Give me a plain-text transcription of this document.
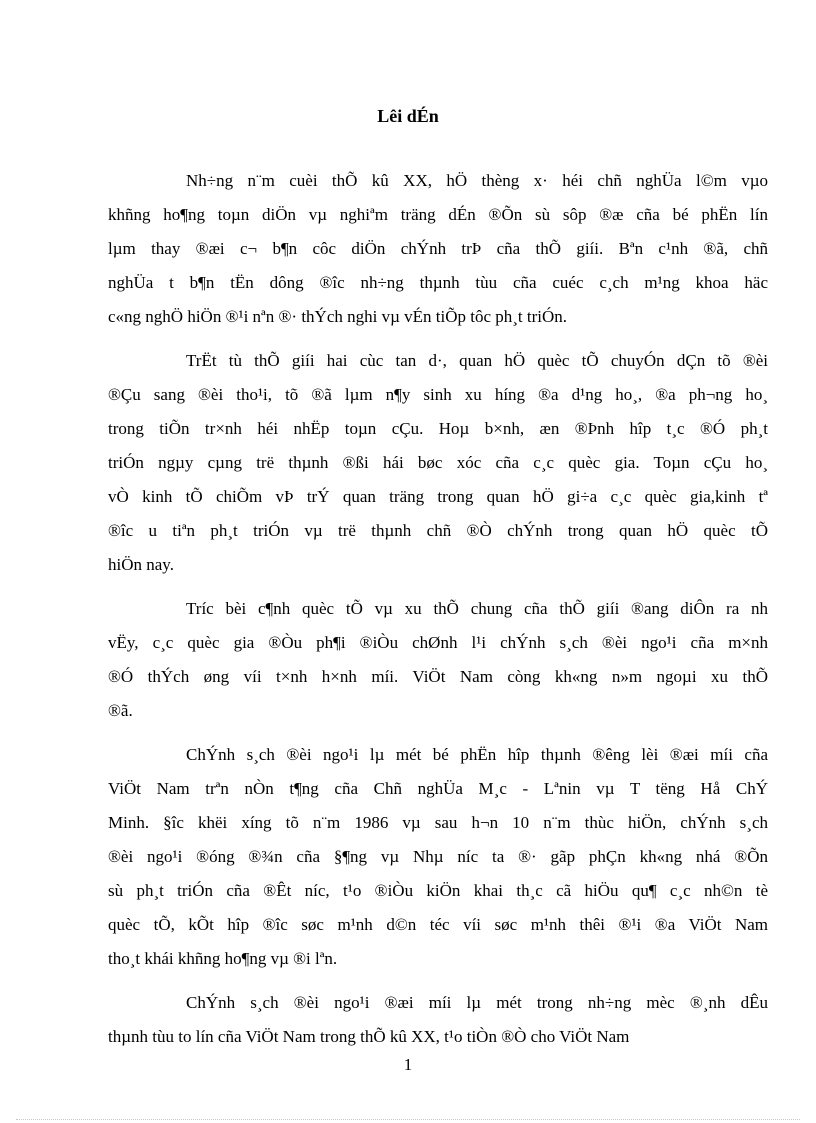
Lêi dÉn
Nh÷ng n¨m cuèi thÕ kû XX, hÖ thèng x· héi chñ nghÜa l©m vµo
khñng ho¶ng toµn diÖn vµ nghiªm träng dÉn ®Õn sù sôp ®æ cña bé phËn lín
lµm thay ®æi c¬ b¶n côc diÖn chÝnh trÞ cña thÕ giíi. Bªn c¹nh ®ã, chñ
nghÜa t b¶n tËn dông ®îc nh÷ng thµnh tùu cña cuéc c¸ch m¹ng khoa häc
c«ng nghÖ hiÖn ®¹i nªn ®· thÝch nghi vµ vÉn tiÕp tôc ph¸t triÓn.
TrËt tù thÕ giíi hai cùc tan d·, quan hÖ quèc tÕ chuyÓn dÇn tõ ®èi
®Çu sang ®èi tho¹i, tõ ®ã lµm n¶y sinh xu híng ®a d¹ng ho¸, ®a ph¬ng ho¸
trong tiÕn tr×nh héi nhËp toµn cÇu. Hoµ b×nh, æn ®Þnh hîp t¸c ®Ó ph¸t
triÓn ngµy cµng trë thµnh ®ßi hái bøc xóc cña c¸c quèc gia. Toµn cÇu ho¸
vÒ kinh tÕ chiÕm vÞ trÝ quan träng trong quan hÖ gi÷a c¸c quèc gia,kinh tª
®îc u tiªn ph¸t triÓn vµ trë thµnh chñ ®Ò chÝnh trong quan hÖ quèc tÕ
hiÖn nay.
Tríc bèi c¶nh quèc tÕ vµ xu thÕ chung cña thÕ giíi ®ang diÔn ra nh
vËy, c¸c quèc gia ®Òu ph¶i ®iÒu chØnh l¹i chÝnh s¸ch ®èi ngo¹i cña m×nh
®Ó thÝch øng víi t×nh h×nh míi. ViÖt Nam còng kh«ng n»m ngoµi xu thÕ
®ã.
ChÝnh s¸ch ®èi ngo¹i lµ mét bé phËn hîp thµnh ®êng lèi ®æi míi cña
ViÖt Nam trªn nÒn t¶ng cña Chñ nghÜa M¸c - Lªnin vµ T tëng Hå ChÝ
Minh. §îc khëi xíng tõ n¨m 1986 vµ sau h¬n 10 n¨m thùc hiÖn, chÝnh s¸ch
®èi ngo¹i ®óng ®¾n cña §¶ng vµ Nhµ níc ta ®· gãp phÇn kh«ng nhá ®Õn
sù ph¸t triÓn cña ®Êt níc, t¹o ®iÒu kiÖn khai th¸c cã hiÖu qu¶ c¸c nh©n tè
quèc tÕ, kÕt hîp ®îc søc m¹nh d©n téc víi søc m¹nh thêi ®¹i ®a ViÖt Nam
tho¸t khái khñng ho¶ng vµ ®i lªn.
ChÝnh s¸ch ®èi ngo¹i ®æi míi lµ mét trong nh÷ng mèc ®¸nh dÊu
thµnh tùu to lín cña ViÖt Nam trong thÕ kû XX, t¹o tiÒn ®Ò cho ViÖt Nam
1
